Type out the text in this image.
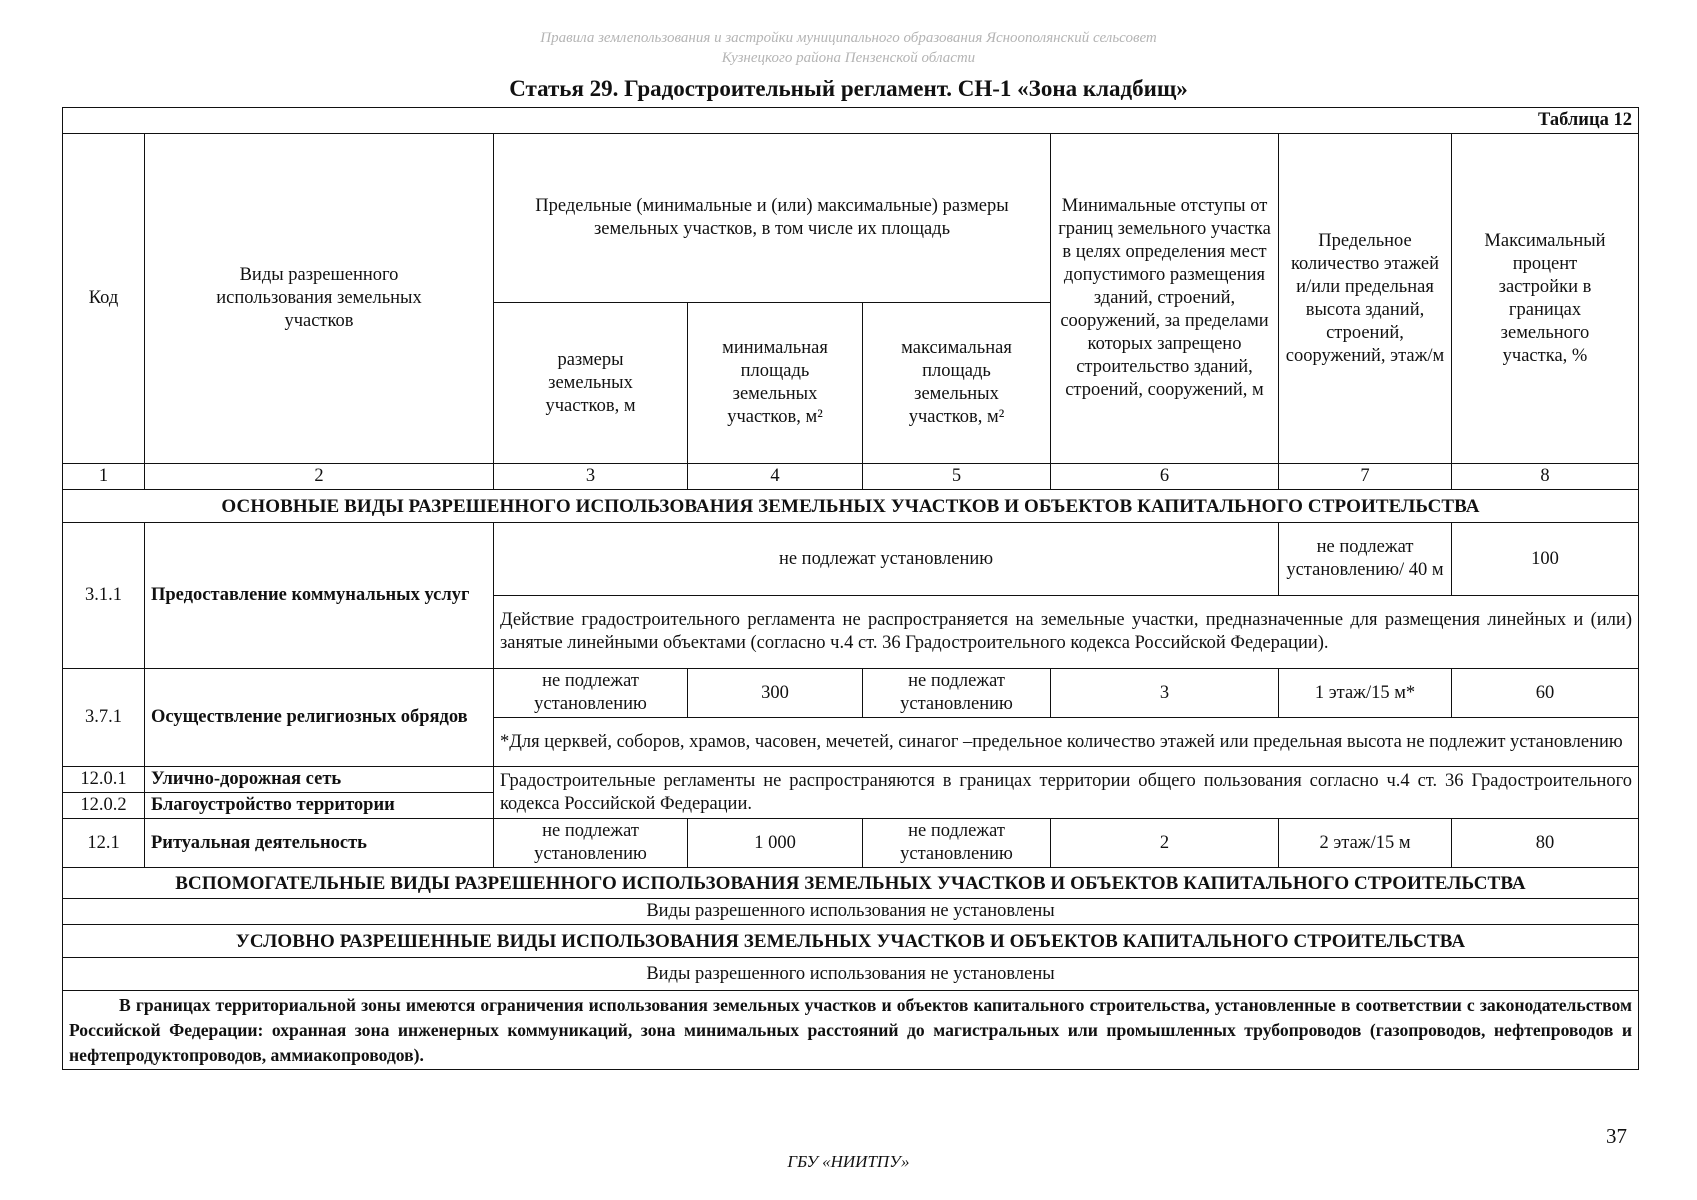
Правила землепользования и застройки муниципального образования Ясноополянский сельсовет
Кузнецкого района Пензенской области
Статья 29. Градостроительный регламент. СН-1 «Зона кладбищ»
Таблица 12							
Код	Виды разрешенного использования земельных участков	Предельные (минимальные и (или) максимальные) размеры земельных участков, в том числе их площадь			Минимальные отступы от границ земельного участка в целях определения мест допустимого размещения зданий, строений, сооружений, за пределами которых запрещено строительство зданий, строений, сооружений, м	Предельное количество этажей и/или предельная высота зданий, строений, сооружений, этаж/м	Максимальный процент застройки в границах земельного участка, %
		размеры земельных участков, м	минимальная площадь земельных участков, м²	максимальная площадь земельных участков, м²			
1	2	3	4	5	6	7	8
ОСНОВНЫЕ ВИДЫ РАЗРЕШЕННОГО ИСПОЛЬЗОВАНИЯ ЗЕМЕЛЬНЫХ УЧАСТКОВ И ОБЪЕКТОВ КАПИТАЛЬНОГО СТРОИТЕЛЬСТВА							
3.1.1	Предоставление коммунальных услуг	не подлежат установлению				не подлежат установлению/ 40 м	100
		Действие градостроительного регламента не распространяется на земельные участки, предназначенные для размещения линейных и (или) занятые линейными объектами (согласно ч.4 ст. 36 Градостроительного кодекса Российской Федерации).					
3.7.1	Осуществление религиозных обрядов	не подлежат установлению	300	не подлежат установлению	3	1 этаж/15 м*	60
		*Для церквей, соборов, храмов, часовен, мечетей, синагог –предельное количество этажей или предельная высота не подлежит установлению					
12.0.1	Улично-дорожная сеть	Градостроительные регламенты не распространяются в границах территории общего пользования согласно ч.4 ст. 36 Градостроительного кодекса Российской Федерации.					
12.0.2	Благоустройство территории						
12.1	Ритуальная деятельность	не подлежат установлению	1 000	не подлежат установлению	2	2 этаж/15 м	80
ВСПОМОГАТЕЛЬНЫЕ ВИДЫ РАЗРЕШЕННОГО ИСПОЛЬЗОВАНИЯ ЗЕМЕЛЬНЫХ УЧАСТКОВ И ОБЪЕКТОВ КАПИТАЛЬНОГО СТРОИТЕЛЬСТВА							
Виды разрешенного использования не установлены							
УСЛОВНО РАЗРЕШЕННЫЕ ВИДЫ ИСПОЛЬЗОВАНИЯ ЗЕМЕЛЬНЫХ УЧАСТКОВ И ОБЪЕКТОВ КАПИТАЛЬНОГО СТРОИТЕЛЬСТВА							
Виды разрешенного использования не установлены							
В границах территориальной зоны имеются ограничения использования земельных участков и объектов капитального строительства, установленные в соответствии с законодательством Российской Федерации: охранная зона инженерных коммуникаций, зона минимальных расстояний до магистральных или промышленных трубопроводов (газопроводов, нефтепроводов и нефтепродуктопроводов, аммиакопроводов).							
37
ГБУ «НИИТПУ»
